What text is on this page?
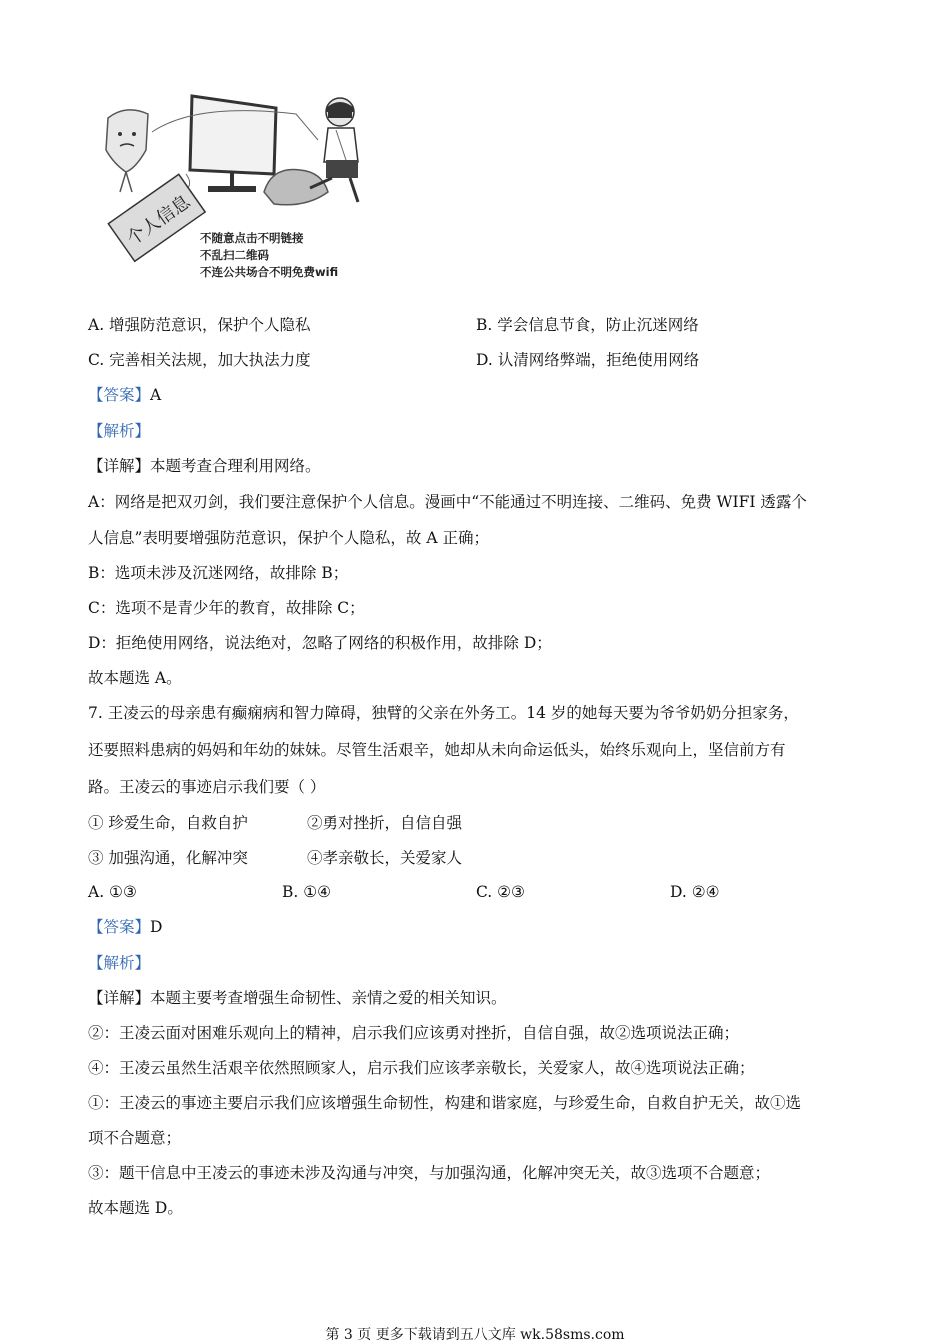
个人信息 不随意点击不明链接
不乱扫二维码
不连公共场合不明免费wifi
A. 增强防范意识，保护个人隐私	B. 学会信息节食，防止沉迷网络
C. 完善相关法规，加大执法力度	D. 认清网络弊端，拒绝使用网络
【答案】A
【解析】
【详解】本题考查合理利用网络。
A：网络是把双刃剑，我们要注意保护个人信息。漫画中“不能通过不明连接、二维码、免费 WIFI 透露个
人信息”表明要增强防范意识，保护个人隐私，故 A 正确；
B：选项未涉及沉迷网络，故排除 B；
C：选项不是青少年的教育，故排除 C；
D：拒绝使用网络，说法绝对，忽略了网络的积极作用，故排除 D；
故本题选 A。
7. 王凌云的母亲患有癫痫病和智力障碍，独臂的父亲在外务工。14 岁的她每天要为爷爷奶奶分担家务，
还要照料患病的妈妈和年幼的妹妹。尽管生活艰辛，她却从未向命运低头，始终乐观向上，坚信前方有
路。王凌云的事迹启示我们要（ ）
① 珍爱生命，自救自护	②勇对挫折，自信自强
③ 加强沟通，化解冲突	④孝亲敬长，关爱家人
A. ①③	B. ①④	C. ②③	D. ②④
【答案】D
【解析】
【详解】本题主要考查增强生命韧性、亲情之爱的相关知识。
②：王凌云面对困难乐观向上的精神，启示我们应该勇对挫折，自信自强，故②选项说法正确；
④：王凌云虽然生活艰辛依然照顾家人，启示我们应该孝亲敬长，关爱家人，故④选项说法正确；
①：王凌云的事迹主要启示我们应该增强生命韧性，构建和谐家庭，与珍爱生命，自救自护无关，故①选
项不合题意；
③：题干信息中王凌云的事迹未涉及沟通与冲突，与加强沟通，化解冲突无关，故③选项不合题意；
故本题选 D。
第 3 页 更多下载请到五八文库 wk.58sms.com
